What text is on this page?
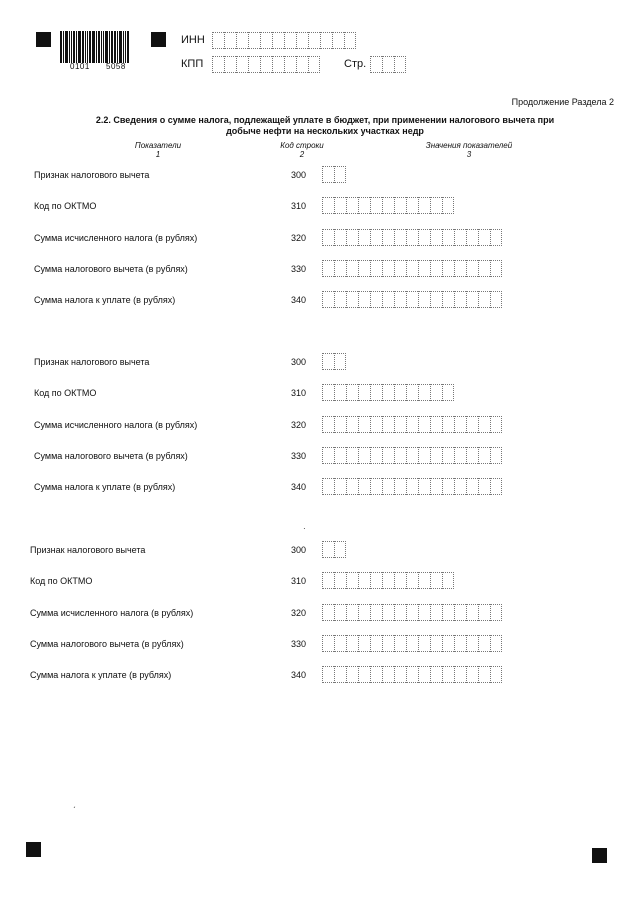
0101 5058
ИНН
КПП	Стр.
Продолжение Раздела 2
2.2. Сведения о сумме налога, подлежащей уплате в бюджет, при применении налогового вычета при добыче нефти на нескольких участках недр
Показатели
1
Код строки
2
Значения показателей
3
Признак налогового вычета	300
Код по ОКТМО	310
Сумма исчисленного налога (в рублях)	320
Сумма налогового вычета (в рублях)	330
Сумма налога к уплате (в рублях)	340
Признак налогового вычета	300
Код по ОКТМО	310
Сумма исчисленного налога (в рублях)	320
Сумма налогового вычета (в рублях)	330
Сумма налога к уплате (в рублях)	340
Признак налогового вычета	300
Код по ОКТМО	310
Сумма исчисленного налога (в рублях)	320
Сумма налогового вычета (в рублях)	330
Сумма налога к уплате (в рублях)	340
·
ˊ
